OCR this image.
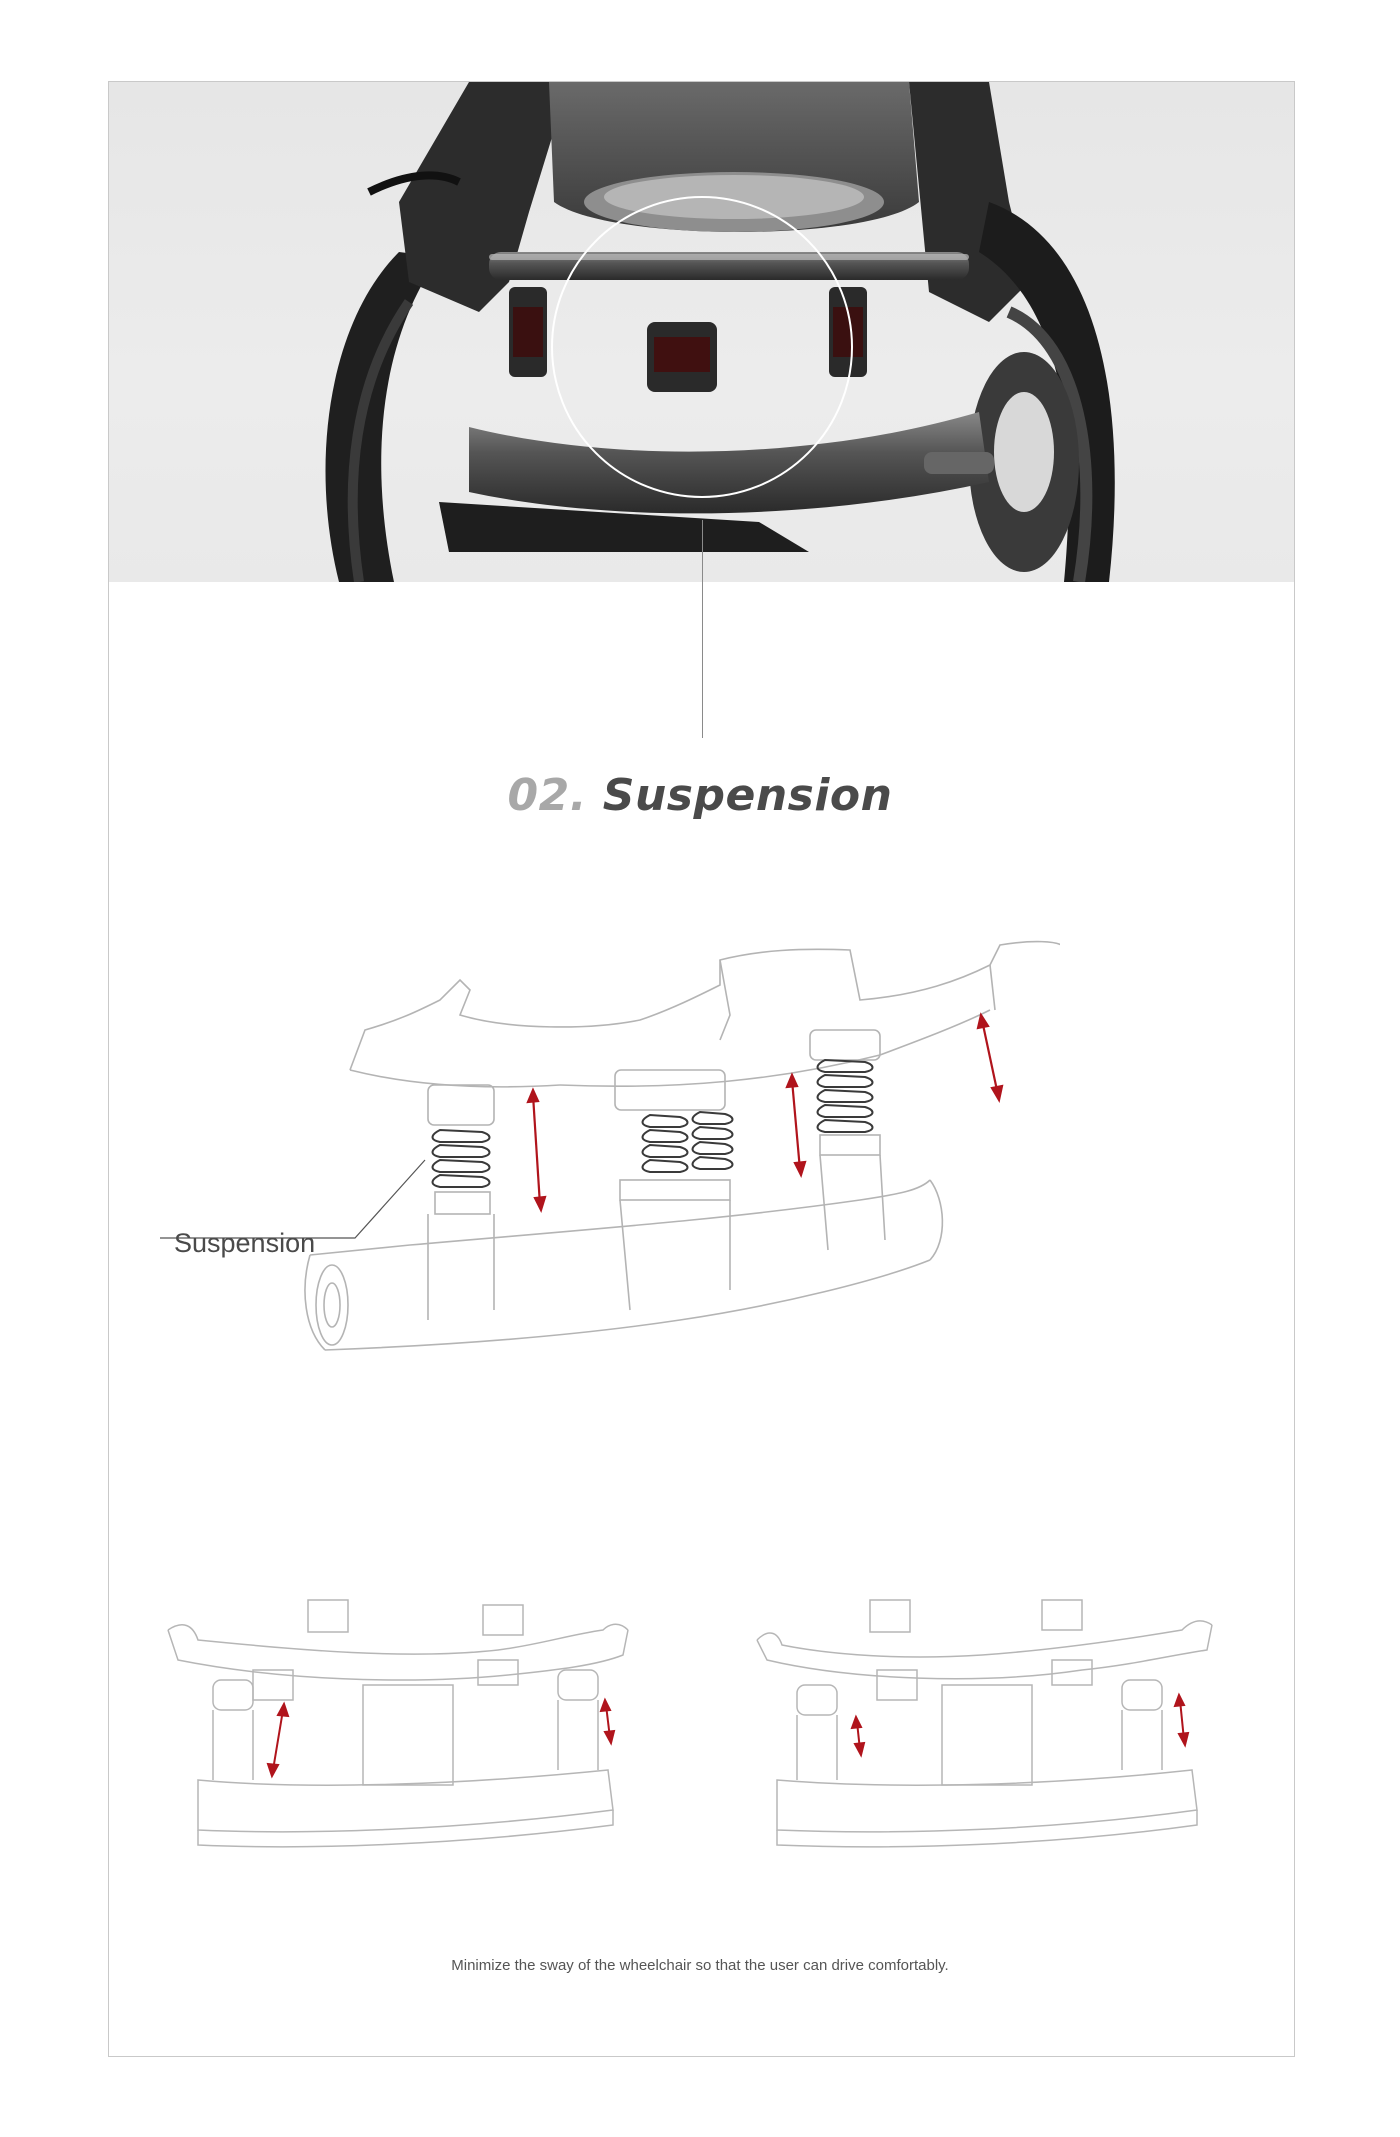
02. Suspension
Suspension
Minimize the sway of the wheelchair so that the user can drive comfortably.
